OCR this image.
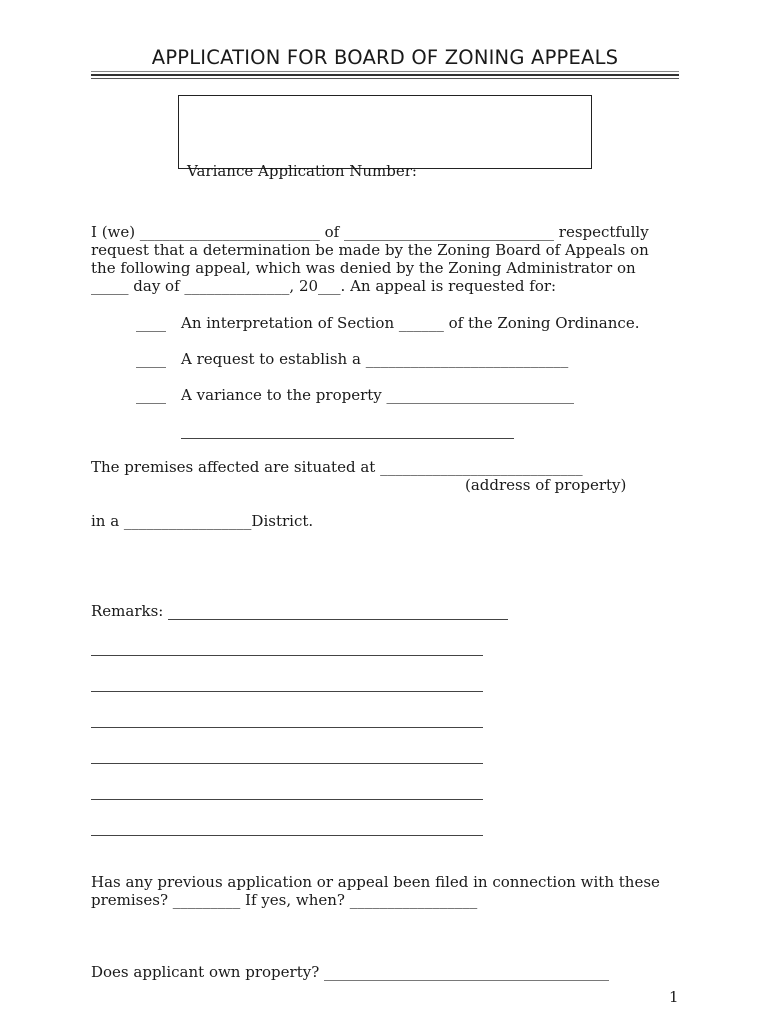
APPLICATION FOR BOARD OF ZONING APPEALS
Variance Application Number:
I (we) ________________________ of ____________________________ respectfully
request that a determination be made by the Zoning Board of Appeals on
the following appeal, which was denied by the Zoning Administrator on
_____ day of ______________, 20___. An appeal is requested for:
____ An interpretation of Section ______ of the Zoning Ordinance.
____ A request to establish a ___________________________
____ A variance to the property _________________________
The premises affected are situated at ___________________________
(address of property)
in a _________________District.
Remarks:
Has any previous application or appeal been filed in connection with these
premises? _________ If yes, when? _________________
Does applicant own property? ______________________________________
1
